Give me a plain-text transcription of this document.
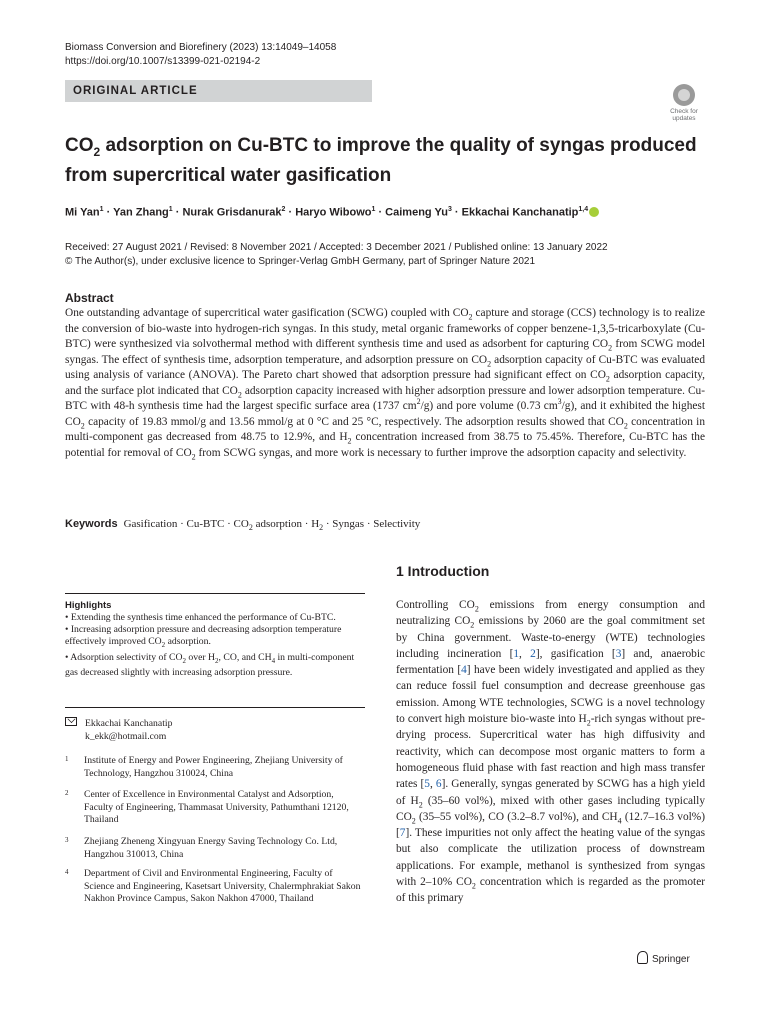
Biomass Conversion and Biorefinery (2023) 13:14049–14058
https://doi.org/10.1007/s13399-021-02194-2
ORIGINAL ARTICLE
Check for updates
$CO_2$ adsorption on Cu-BTC to improve the quality of syngas produced from supercritical water gasification
Mi Yan$^1$ · Yan Zhang$^1$ · Nurak Grisdanurak$^2$ · Haryo Wibowo$^1$ · Caimeng $Yu^3$ · Ekkachai Kanchanatip$^{1,4}$
Received: 27 August 2021 / Revised: 8 November 2021 / Accepted: 3 December 2021 / Published online: 13 January 2022
© The Author(s), under exclusive licence to Springer-Verlag GmbH Germany, part of Springer Nature 2021
Abstract
One outstanding advantage of supercritical water gasification (SCWG) coupled with $CO_2$ capture and storage (CCS) technology is to realize the conversion of bio-waste into hydrogen-rich syngas. In this study, metal organic frameworks of copper benzene-1,3,5-tricarboxylate (Cu-BTC) were synthesized via solvothermal method with different synthesis time and used as adsorbent for capturing $CO_2$ from SCWG model syngas. The effect of synthesis time, adsorption temperature, and adsorption pressure on $CO_2$ adsorption capacity of Cu-BTC was evaluated using analysis of variance (ANOVA). The Pareto chart showed that adsorption pressure had significant effect on $CO_2$ adsorption capacity, and the surface plot indicated that $CO_2$ adsorption capacity increased with higher adsorption pressure and lower adsorption temperature. Cu-BTC with 48-h synthesis time had the largest specific surface area (1737 $cm^2/g$) and pore volume (0.73 $cm^3/g$), and it exhibited the highest $CO_2$ capacity of 19.83 mmol/g and 13.56 mmol/g at 0 °C and 25 °C, respectively. The adsorption results showed that $CO_2$ concentration in multi-component gas decreased from 48.75 to 12.9%, and $H_2$ concentration increased from 38.75 to 75.45%. Therefore, Cu-BTC has the potential for removal of $CO_2$ from SCWG syngas, and more work is necessary to further improve the adsorption capacity and selectivity.
Keywords Gasification · $Cu-BTC \cdot CO_2$ adsorption · $H_2$ · Syngas · Selectivity
Highlights
• Extending the synthesis time enhanced the performance of Cu-BTC.
• Increasing adsorption pressure and decreasing adsorption temperature effectively improved $CO_2$ adsorption.
• Adsorption selectivity of $CO_2$ over $H_2$, CO, and $CH_4$ in multi-component gas decreased slightly with increasing adsorption pressure.
Ekkachai Kanchanatip
k_ekk@hotmail.com
1 Institute of Energy and Power Engineering, Zhejiang University of Technology, Hangzhou 310024, China
2 Center of Excellence in Environmental Catalyst and Adsorption, Faculty of Engineering, Thammasat University, Pathumthani 12120, Thailand
3 Zhejiang Zheneng Xingyuan Energy Saving Technology Co. Ltd, Hangzhou 310013, China
4 Department of Civil and Environmental Engineering, Faculty of Science and Engineering, Kasetsart University, Chalermphrakiat Sakon Nakhon Province Campus, Sakon Nakhon 47000, Thailand
1 Introduction
Controlling $CO_2$ emissions from energy consumption and neutralizing $CO_2$ emissions by 2060 are the goal commitment set by China government. Waste-to-energy (WTE) technologies including incineration [1, 2], gasification [3] and, anaerobic fermentation [4] have been widely investigated and applied as they can reduce fossil fuel consumption and decrease greenhouse gas emission. Among WTE technologies, SCWG is a novel technology to convert high moisture bio-waste into $H_2$-rich syngas without pre-drying process. Supercritical water has high diffusivity and reactivity, which can decompose most organic matters to form a homogeneous fluid phase with fast reaction and high mass transfer rates [5, 6]. Generally, syngas generated by SCWG has a high yield of $H_2$ (35–60 vol%), mixed with other gases including typically $CO_2$ (35–55 vol%), CO (3.2–8.7 vol%), and $CH_4$ (12.7–16.3 vol%) [7]. These impurities not only affect the heating value of the syngas but also complicate the utilization process of downstream applications. For example, methanol is synthesized from syngas with 2–10% $CO_2$ concentration which is regarded as the promoter of this primary
Springer
